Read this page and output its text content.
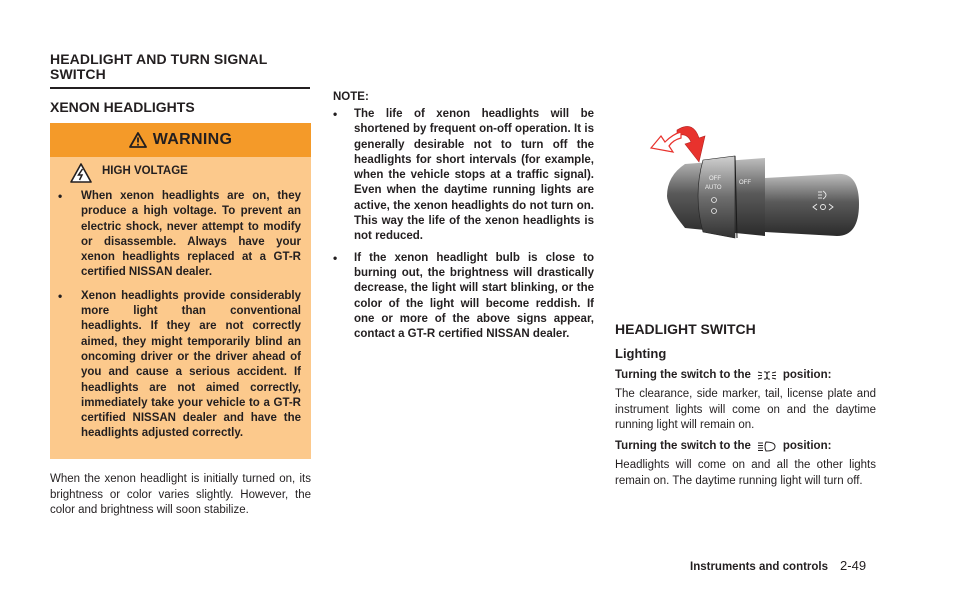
HEADLIGHT AND TURN SIGNAL SWITCH
XENON HEADLIGHTS
WARNING
HIGH VOLTAGE
• When xenon headlights are on, they produce a high voltage. To prevent an electric shock, never attempt to modify or disassemble. Always have your xenon headlights replaced at a GT-R certified NISSAN dealer.
• Xenon headlights provide considerably more light than conventional headlights. If they are not correctly aimed, they might temporarily blind an oncoming driver or the driver ahead of you and cause a serious accident. If headlights are not aimed correctly, immediately take your vehicle to a GT-R certified NISSAN dealer and have the headlights adjusted correctly.
When the xenon headlight is initially turned on, its brightness or color varies slightly. However, the color and brightness will soon stabilize.
NOTE:
• The life of xenon headlights will be shortened by frequent on-off operation. It is generally desirable not to turn off the headlights for short intervals (for example, when the vehicle stops at a traffic signal). Even when the daytime running lights are active, the xenon headlights do not turn on. This way the life of the xenon headlights is not reduced.
• If the xenon headlight bulb is close to burning out, the brightness will drastically decrease, the light will start blinking, or the color of the light will become reddish. If one or more of the above signs appear, contact a GT-R certified NISSAN dealer.
OFF
AUTO
OFF
HEADLIGHT SWITCH
Lighting
Turning the switch to the	position:
The clearance, side marker, tail, license plate and instrument lights will come on and the daytime running light will remain on.
Turning the switch to the	position:
Headlights will come on and all the other lights remain on. The daytime running light will turn off.
Instruments and controls 2-49
